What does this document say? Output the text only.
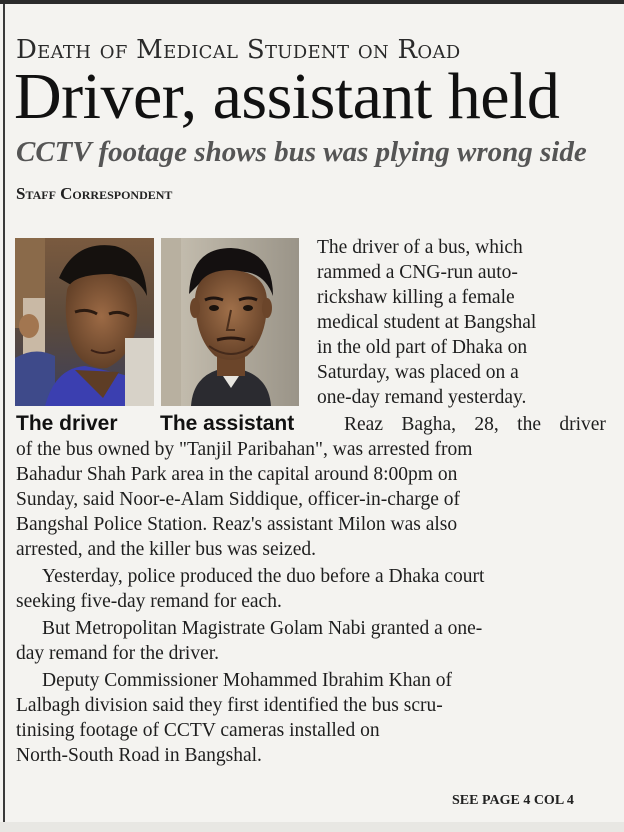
Death of Medical Student on Road
Driver, assistant held
CCTV footage shows bus was plying wrong side
Staff Correspondent
The driver The assistant
The driver of a bus, which
rammed a CNG-run auto-
rickshaw killing a female
medical student at Bangshal
in the old part of Dhaka on
Saturday, was placed on a
one-day remand yesterday.
Reaz Bagha, 28, the driver
of the bus owned by "Tanjil Paribahan", was arrested from
Bahadur Shah Park area in the capital around 8:00pm on
Sunday, said Noor-e-Alam Siddique, officer-in-charge of
Bangshal Police Station. Reaz's assistant Milon was also
arrested, and the killer bus was seized.
Yesterday, police produced the duo before a Dhaka court
seeking five-day remand for each.
But Metropolitan Magistrate Golam Nabi granted a one-
day remand for the driver.
Deputy Commissioner Mohammed Ibrahim Khan of
Lalbagh division said they first identified the bus scru-
tinising footage of CCTV cameras installed on
North-South Road in Bangshal.
SEE PAGE 4 COL 4
